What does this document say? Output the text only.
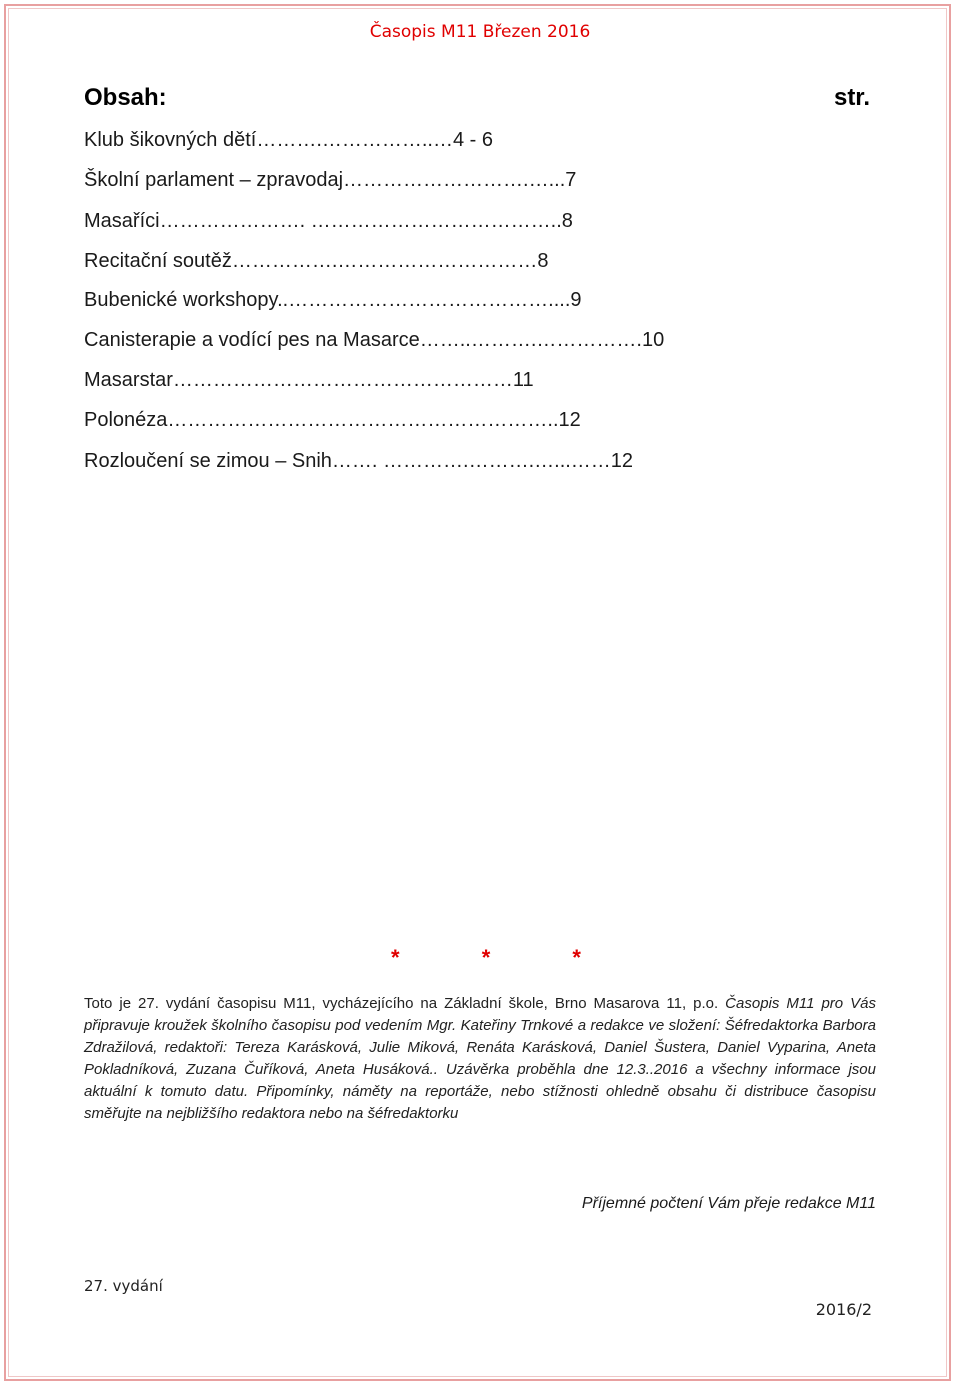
Časopis M11 Březen 2016
Obsah:	str.
Klub šikovných dětí……….……………..…4 - 6
Školní parlament – zpravodaj……………………….…...7
Masaříci…………………. ………………………………..8
Recitační soutěž…………….…………………………8
Bubenické workshopy..…………………………………....9
Canisterapie a vodící pes na Masarce……..……….…………….10
Masarstar……………………………………………11
Polonéza…………………………………………………..12
Rozloučení se zimou – Snih……. ………….……….…...……12
* * *
Toto je 27. vydání časopisu M11, vycházejícího na Základní škole, Brno Masarova 11, p.o. Časopis M11 pro Vás připravuje kroužek školního časopisu pod vedením Mgr. Kateřiny Trnkové a redakce ve složení: Šéfredaktorka Barbora Zdražilová, redaktoři: Tereza Karásková, Julie Miková, Renáta Karásková, Daniel Šustera, Daniel Vyparina, Aneta Pokladníková, Zuzana Čuříková, Aneta Husáková.. Uzávěrka proběhla dne 12.3..2016 a všechny informace jsou aktuální k tomuto datu. Připomínky, náměty na reportáže, nebo stížnosti ohledně obsahu či distribuce časopisu směřujte na nejbližšího redaktora nebo na šéfredaktorku
Příjemné počtení Vám přeje redakce M11
27. vydání
2016/2
